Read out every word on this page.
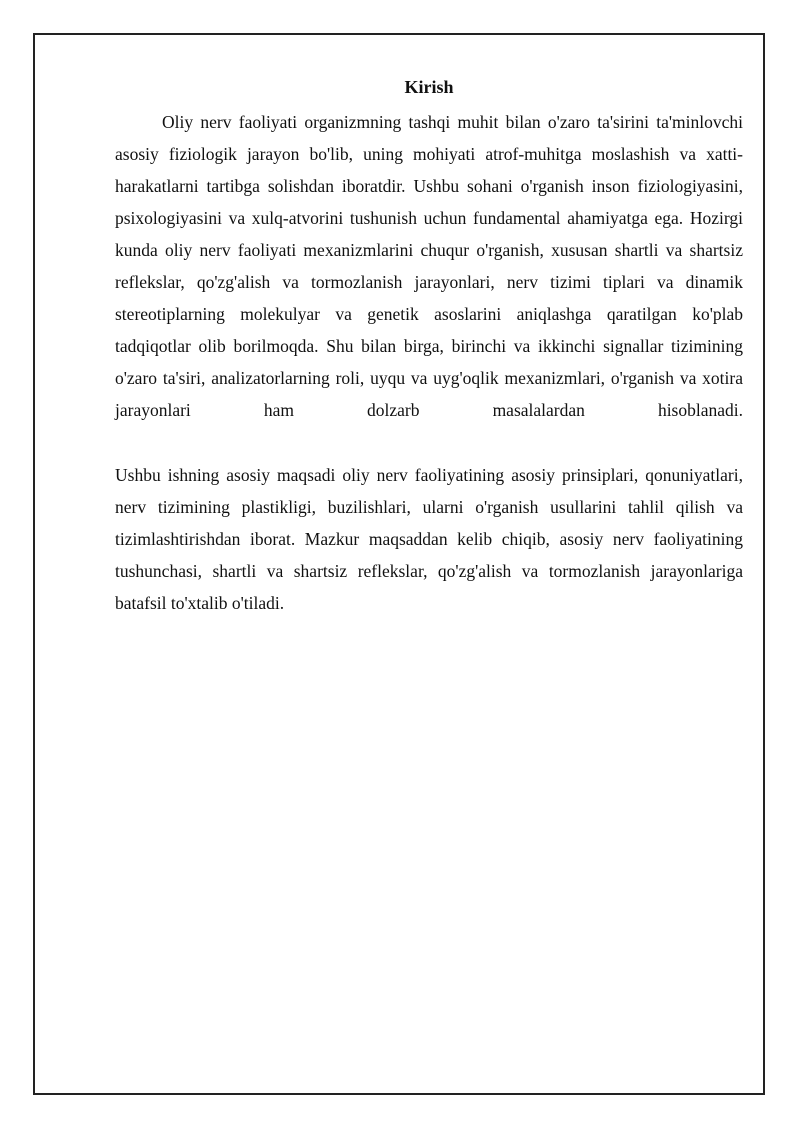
Kirish

Oliy nerv faoliyati organizmning tashqi muhit bilan o'zaro ta'sirini ta'minlovchi asosiy fiziologik jarayon bo'lib, uning mohiyati atrof-muhitga moslashish va xatti-harakatlarni tartibga solishdan iboratdir. Ushbu sohani o'rganish inson fiziologiyasini, psixologiyasini va xulq-atvorini tushunish uchun fundamental ahamiyatga ega. Hozirgi kunda oliy nerv faoliyati mexanizmlarini chuqur o'rganish, xususan shartli va shartsiz reflekslar, qo'zg'alish va tormozlanish jarayonlari, nerv tizimi tiplari va dinamik stereotiplarning molekulyar va genetik asoslarini aniqlashga qaratilgan ko'plab tadqiqotlar olib borilmoqda. Shu bilan birga, birinchi va ikkinchi signallar tizimining o'zaro ta'siri, analizatorlarning roli, uyqu va uyg'oqlik mexanizmlari, o'rganish va xotira jarayonlari ham dolzarb masalalardan hisoblanadi.

Ushbu ishning asosiy maqsadi oliy nerv faoliyatining asosiy prinsiplari, qonuniyatlari, nerv tizimining plastikligi, buzilishlari, ularni o'rganish usullarini tahlil qilish va tizimlashtirishdan iborat. Mazkur maqsaddan kelib chiqib, asosiy nerv faoliyatining tushunchasi, shartli va shartsiz reflekslar, qo'zg'alish va tormozlanish jarayonlariga batafsil to'xtalib o'tiladi.
